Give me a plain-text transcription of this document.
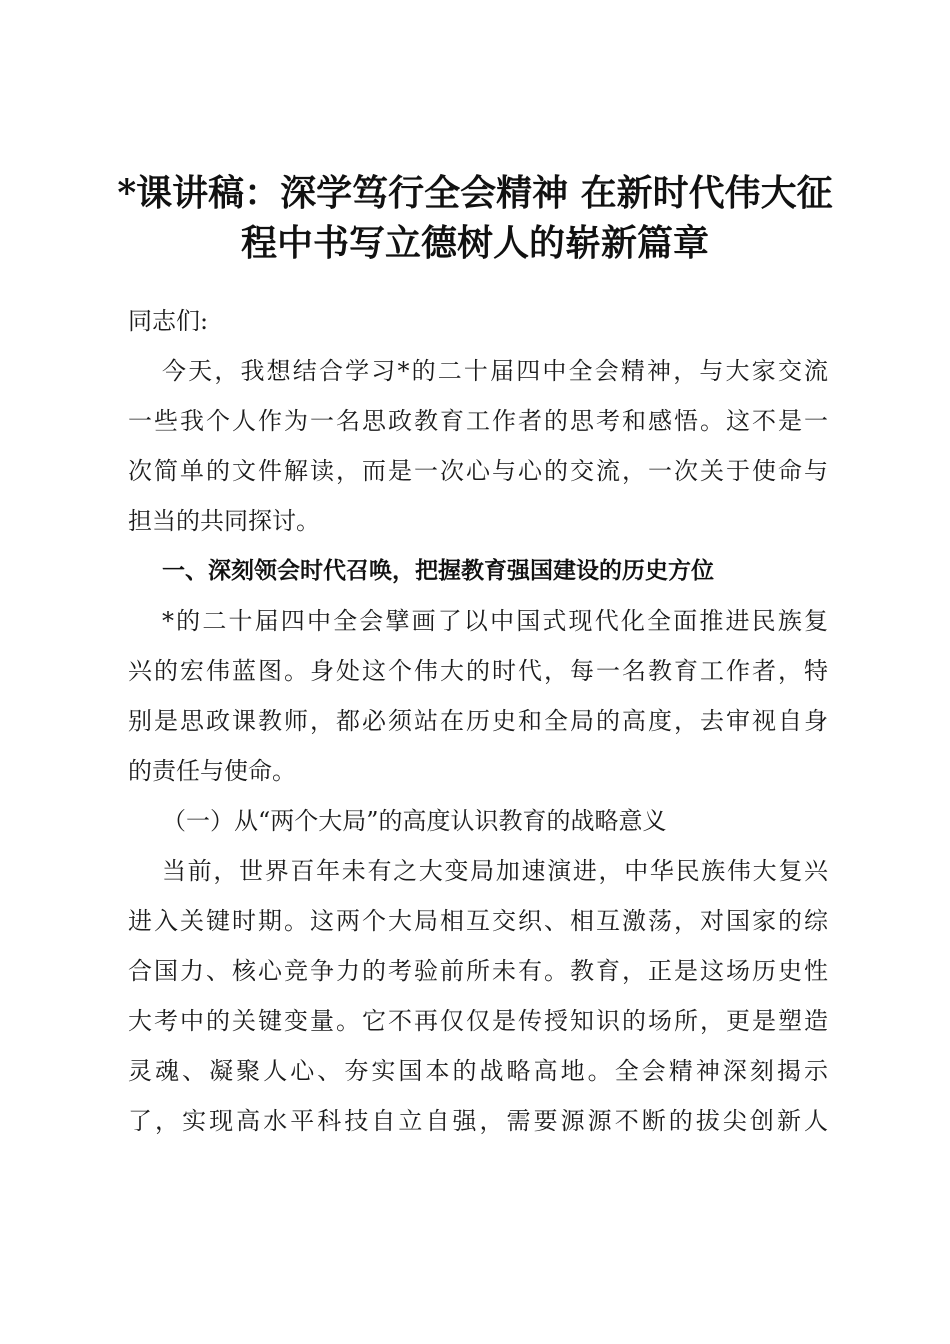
*课讲稿：深学笃行全会精神 在新时代伟大征
程中书写立德树人的崭新篇章
同志们:
今天，我想结合学习*的二十届四中全会精神，与大家交流
一些我个人作为一名思政教育工作者的思考和感悟。这不是一
次简单的文件解读，而是一次心与心的交流，一次关于使命与
担当的共同探讨。
一、深刻领会时代召唤，把握教育强国建设的历史方位
*的二十届四中全会擘画了以中国式现代化全面推进民族复
兴的宏伟蓝图。身处这个伟大的时代，每一名教育工作者，特
别是思政课教师，都必须站在历史和全局的高度，去审视自身
的责任与使命。
（一）从“两个大局”的高度认识教育的战略意义
当前，世界百年未有之大变局加速演进，中华民族伟大复兴
进入关键时期。这两个大局相互交织、相互激荡，对国家的综
合国力、核心竞争力的考验前所未有。教育，正是这场历史性
大考中的关键变量。它不再仅仅是传授知识的场所，更是塑造
灵魂、凝聚人心、夯实国本的战略高地。全会精神深刻揭示
了，实现高水平科技自立自强，需要源源不断的拔尖创新人
